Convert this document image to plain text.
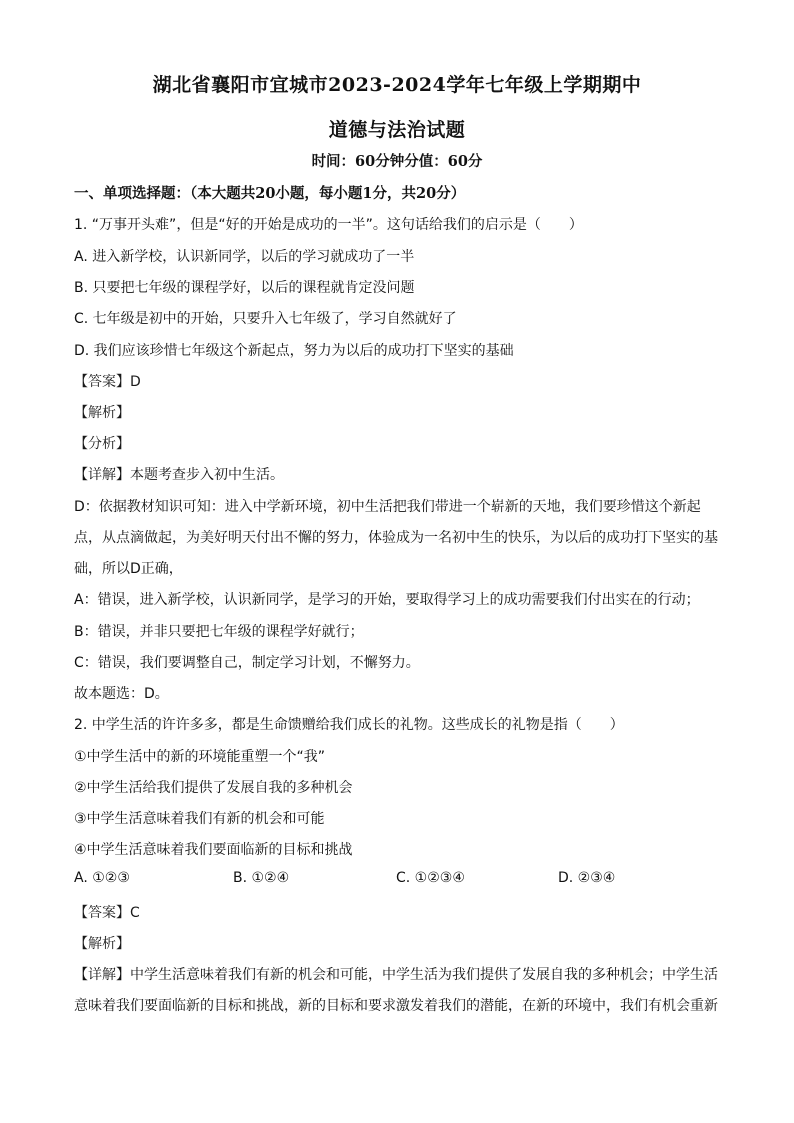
湖北省襄阳市宜城市2023-2024学年七年级上学期期中
道德与法治试题
时间：60分钟分值：60分
一、单项选择题：（本大题共20小题，每小题1分，共20分）
1. “万事开头难”，但是“好的开始是成功的一半”。这句话给我们的启示是（　　）
A. 进入新学校，认识新同学，以后的学习就成功了一半
B. 只要把七年级的课程学好，以后的课程就肯定没问题
C. 七年级是初中的开始，只要升入七年级了，学习自然就好了
D. 我们应该珍惜七年级这个新起点，努力为以后的成功打下坚实的基础
【答案】D
【解析】
【分析】
【详解】本题考查步入初中生活。
D：依据教材知识可知：进入中学新环境，初中生活把我们带进一个崭新的天地，我们要珍惜这个新起
点，从点滴做起，为美好明天付出不懈的努力，体验成为一名初中生的快乐，为以后的成功打下坚实的基
础，所以D正确，
A：错误，进入新学校，认识新同学，是学习的开始，要取得学习上的成功需要我们付出实在的行动；
B：错误，并非只要把七年级的课程学好就行；
C：错误，我们要调整自己，制定学习计划，不懈努力。
故本题选：D。
2. 中学生活的许许多多，都是生命馈赠给我们成长的礼物。这些成长的礼物是指（　　）
①中学生活中的新的环境能重塑一个“我”
②中学生活给我们提供了发展自我的多种机会
③中学生活意味着我们有新的机会和可能
④中学生活意味着我们要面临新的目标和挑战
A. ①②③	B. ①②④	C. ①②③④	D. ②③④
【答案】C
【解析】
【详解】中学生活意味着我们有新的机会和可能，中学生活为我们提供了发展自我的多种机会；中学生活
意味着我们要面临新的目标和挑战，新的目标和要求激发着我们的潜能，在新的环境中，我们有机会重新
